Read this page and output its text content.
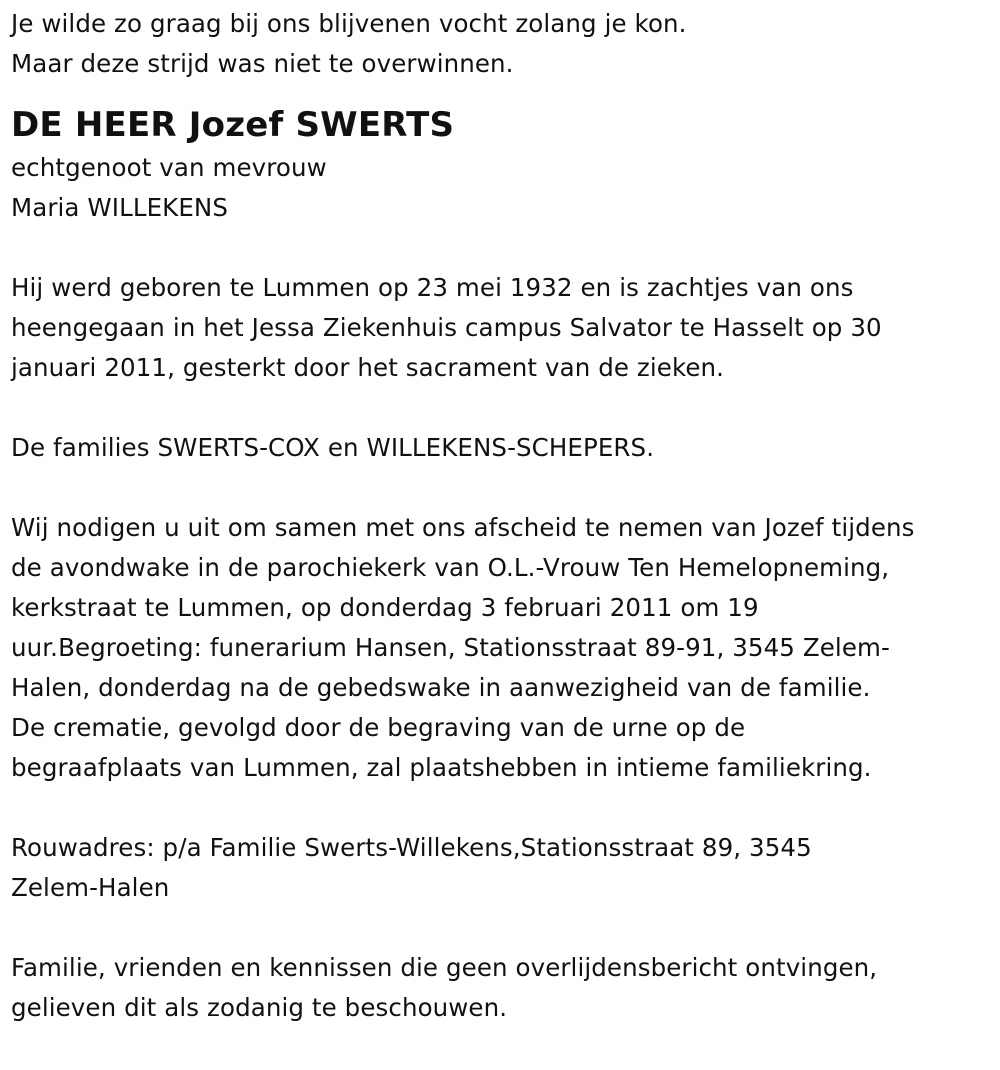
Je wilde zo graag bij ons blijvenen vocht zolang je kon.
Maar deze strijd was niet te overwinnen.
DE HEER Jozef SWERTS
echtgenoot van mevrouw
Maria WILLEKENS
Hij werd geboren te Lummen op 23 mei 1932 en is zachtjes van ons
heengegaan in het Jessa Ziekenhuis campus Salvator te Hasselt op 30
januari 2011, gesterkt door het sacrament van de zieken.
De families SWERTS-COX en WILLEKENS-SCHEPERS.
Wij nodigen u uit om samen met ons afscheid te nemen van Jozef tijdens
de avondwake in de parochiekerk van O.L.-Vrouw Ten Hemelopneming,
kerkstraat te Lummen, op donderdag 3 februari 2011 om 19
uur.Begroeting: funerarium Hansen, Stationsstraat 89-91, 3545 Zelem-
Halen, donderdag na de gebedswake in aanwezigheid van de familie.
De crematie, gevolgd door de begraving van de urne op de
begraafplaats van Lummen, zal plaatshebben in intieme familiekring.
Rouwadres: p/a Familie Swerts-Willekens,Stationsstraat 89, 3545
Zelem-Halen
Familie, vrienden en kennissen die geen overlijdensbericht ontvingen,
gelieven dit als zodanig te beschouwen.
